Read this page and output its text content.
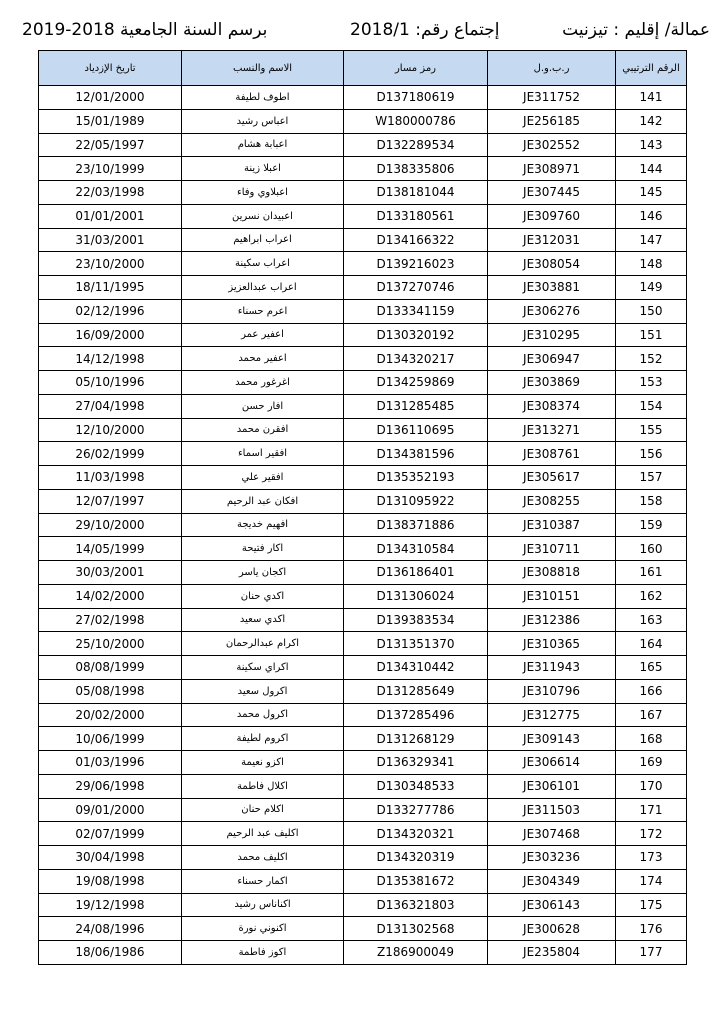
عمالة/ إقليم : تيزنيت
إجتماع رقم: 2018/1
برسم السنة الجامعية
2019-2018
تاريخ الإزدياد	الاسم والنسب	رمز مسار	ر.ب.و.ل	الرقم الترتيبي
12/01/2000	اطوف لطيفة	D137180619	JE311752	141
15/01/1989	اعباس رشيد	W180000786	JE256185	142
22/05/1997	اعبابة هشام	D132289534	JE302552	143
23/10/1999	اعبلا زينة	D138335806	JE308971	144
22/03/1998	اعبلاوي وفاء	D138181044	JE307445	145
01/01/2001	اعبيدان نسرين	D133180561	JE309760	146
31/03/2001	اعراب ابراهيم	D134166322	JE312031	147
23/10/2000	اعراب سكينة	D139216023	JE308054	148
18/11/1995	اعراب عبدالعزيز	D137270746	JE303881	149
02/12/1996	اعرم حسناء	D133341159	JE306276	150
16/09/2000	اعفير عمر	D130320192	JE310295	151
14/12/1998	اعفير محمد	D134320217	JE306947	152
05/10/1996	اغرغور محمد	D134259869	JE303869	153
27/04/1998	افار حسن	D131285485	JE308374	154
12/10/2000	افقرن محمد	D136110695	JE313271	155
26/02/1999	افقير اسماء	D134381596	JE308761	156
11/03/1998	افقير علي	D135352193	JE305617	157
12/07/1997	افكان عبد الرحيم	D131095922	JE308255	158
29/10/2000	افهيم خديجة	D138371886	JE310387	159
14/05/1999	اكار فتيحة	D134310584	JE310711	160
30/03/2001	اكجان ياسر	D136186401	JE308818	161
14/02/2000	اكدي حنان	D131306024	JE310151	162
27/02/1998	اكدي سعيد	D139383534	JE312386	163
25/10/2000	اكرام عبدالرحمان	D131351370	JE310365	164
08/08/1999	اكراي سكينة	D134310442	JE311943	165
05/08/1998	اكرول سعيد	D131285649	JE310796	166
20/02/2000	اكرول محمد	D137285496	JE312775	167
10/06/1999	اكروم لطيفة	D131268129	JE309143	168
01/03/1996	اكزو نعيمة	D136329341	JE306614	169
29/06/1998	اكلال فاطمة	D130348533	JE306101	170
09/01/2000	اكلام حنان	D133277786	JE311503	171
02/07/1999	اكليف عبد الرحيم	D134320321	JE307468	172
30/04/1998	اكليف محمد	D134320319	JE303236	173
19/08/1998	اكمار حسناء	D135381672	JE304349	174
19/12/1998	اكناناس رشيد	D136321803	JE306143	175
24/08/1996	اكنوني نورة	D131302568	JE300628	176
18/06/1986	اكوز فاطمة	Z186900049	JE235804	177
